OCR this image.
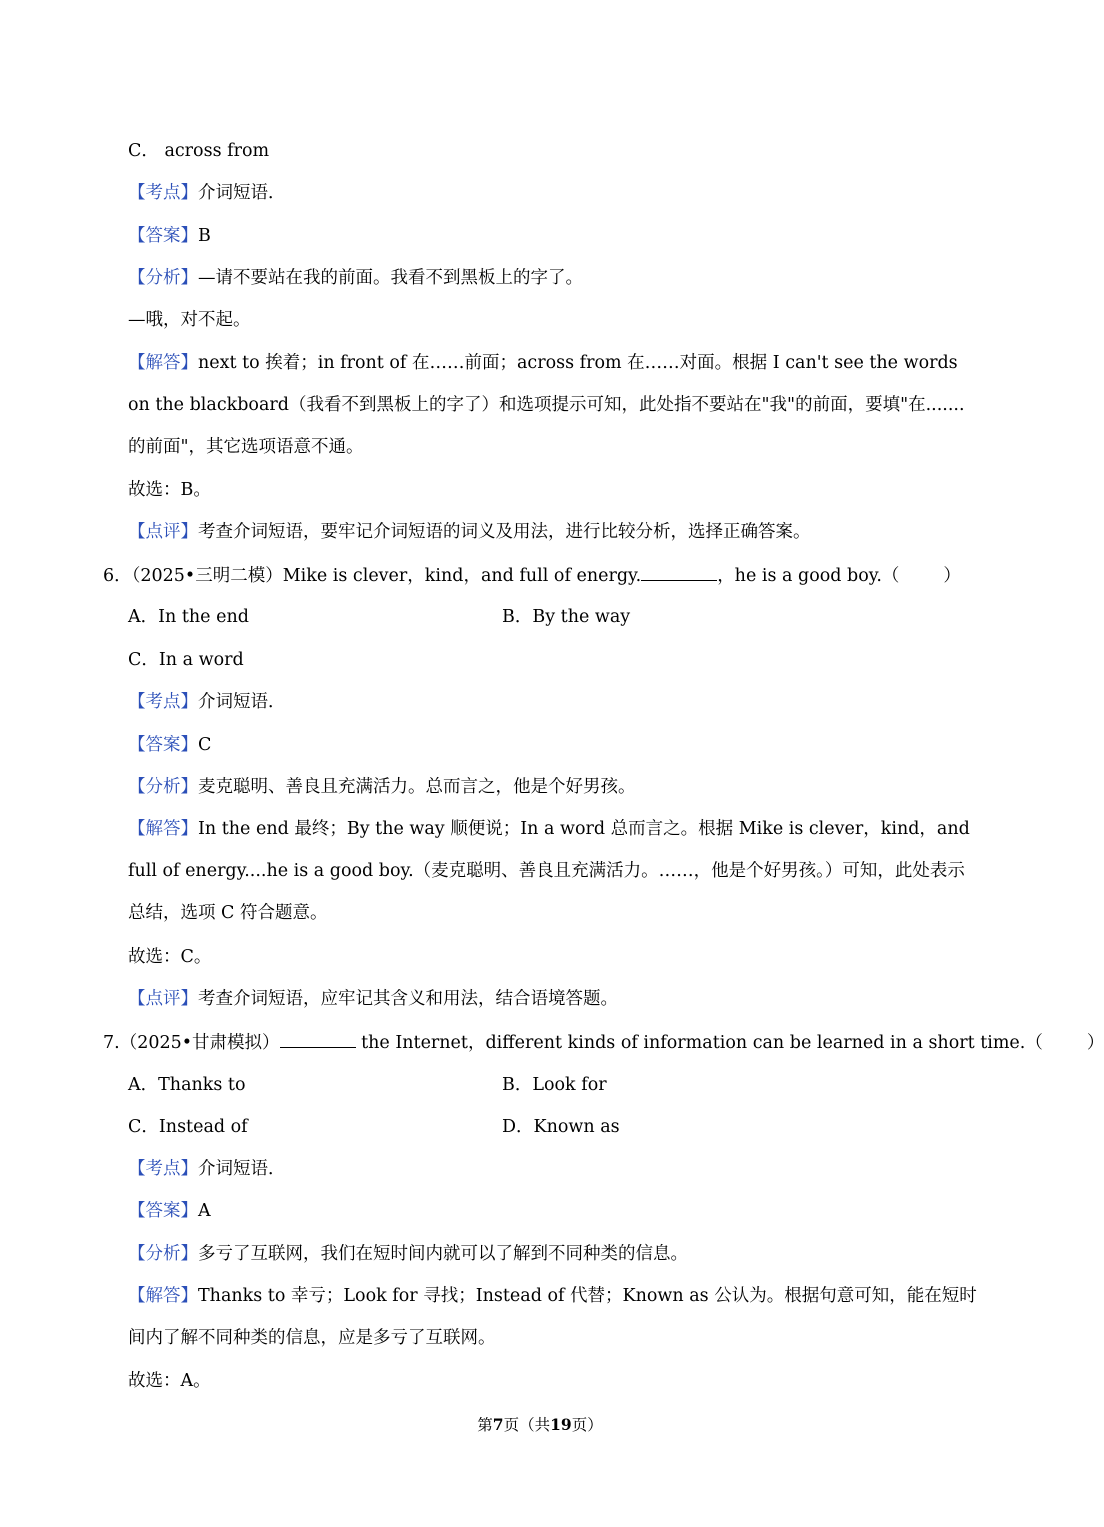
C． across from
【考点】介词短语．
【答案】B
【分析】—请不要站在我的前面。我看不到黑板上的字了。
—哦，对不起。
【解答】next to 挨着；in front of 在……前面；across from 在……对面。根据 I can't see the words on the blackboard（我看不到黑板上的字了）和选项提示可知，此处指不要站在"我"的前面，要填"在.......的前面"，其它选项语意不通。
故选：B。
【点评】考查介词短语，要牢记介词短语的词义及用法，进行比较分析，选择正确答案。
6．（2025•三明二模）Mike is clever，kind，and full of energy.	，he is a good boy.（	）
A．In the end	B．By the way
C．In a word
【考点】介词短语．
【答案】C
【分析】麦克聪明、善良且充满活力。总而言之，他是个好男孩。
【解答】In the end 最终；By the way 顺便说；In a word 总而言之。根据 Mike is clever，kind，and full of energy....he is a good boy.（麦克聪明、善良且充满活力。……，他是个好男孩。）可知，此处表示总结，选项 C 符合题意。
故选：C。
【点评】考查介词短语，应牢记其含义和用法，结合语境答题。
7.（2025•甘肃模拟）	the Internet，different kinds of information can be learned in a short time.（	）
A．Thanks to	B．Look for
C．Instead of	D．Known as
【考点】介词短语．
【答案】A
【分析】多亏了互联网，我们在短时间内就可以了解到不同种类的信息。
【解答】Thanks to 幸亏；Look for 寻找；Instead of 代替；Known as 公认为。根据句意可知，能在短时间内了解不同种类的信息，应是多亏了互联网。
故选：A。
第7页（共19页）
